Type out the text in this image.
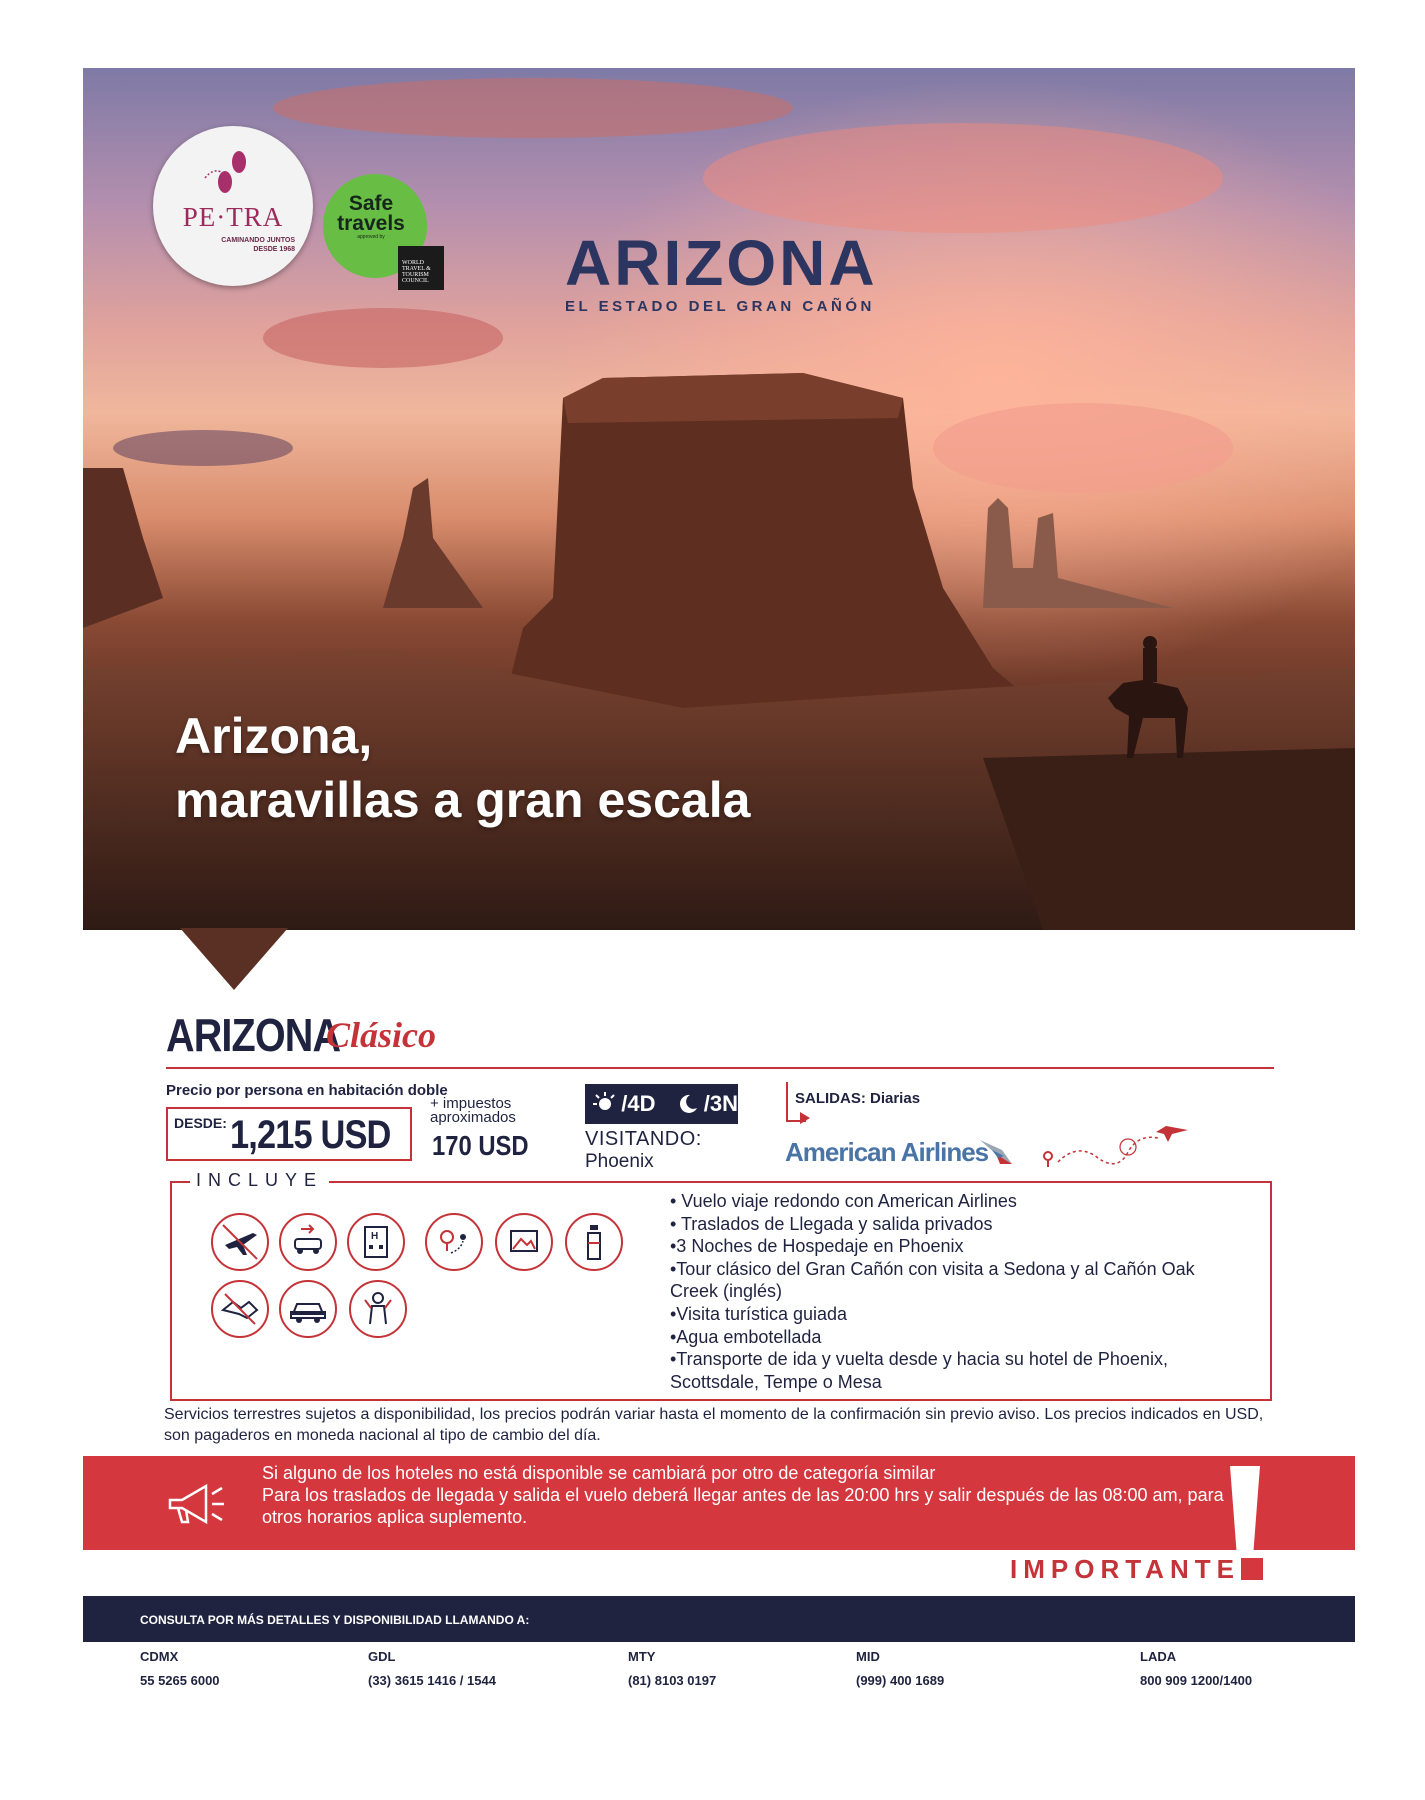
PE·TRA
CAMINANDO JUNTOS
DESDE 1968
Safe
travels
approved by
WORLD TRAVEL & TOURISM COUNCIL ARIZONA
EL ESTADO DEL GRAN CAÑÓN
Arizona,
maravillas a gran escala
ARIZONA
Clásico
Precio por persona en habitación doble
DESDE: 1,215 USD
+ impuestos
aproximados
170 USD
/4D /3N
VISITANDO:
Phoenix
SALIDAS: Diarias
American Airlines
INCLUYE
H
• Vuelo viaje redondo con American Airlines
• Traslados de Llegada y salida privados
•3 Noches de Hospedaje en Phoenix
•Tour clásico del Gran Cañón con visita a Sedona y al Cañón Oak Creek (inglés)
•Visita turística guiada
•Agua embotellada
•Transporte de ida y vuelta desde y hacia su hotel de Phoenix, Scottsdale, Tempe o Mesa
Servicios terrestres sujetos a disponibilidad, los precios podrán variar hasta el momento de la confirmación sin previo aviso. Los precios indicados en USD, son pagaderos en moneda nacional al tipo de cambio del día.
Si alguno de los hoteles no está disponible se cambiará por otro de categoría similar
Para los traslados de llegada y salida el vuelo deberá llegar antes de las 20:00 hrs y salir después de las 08:00 am, para otros horarios aplica suplemento.
IMPORTANTE
CONSULTA POR MÁS DETALLES Y DISPONIBILIDAD LLAMANDO A:
CDMX
55 5265 6000
GDL
(33) 3615 1416 / 1544
MTY
(81) 8103 0197
MID
(999) 400 1689
LADA
800 909 1200/1400
